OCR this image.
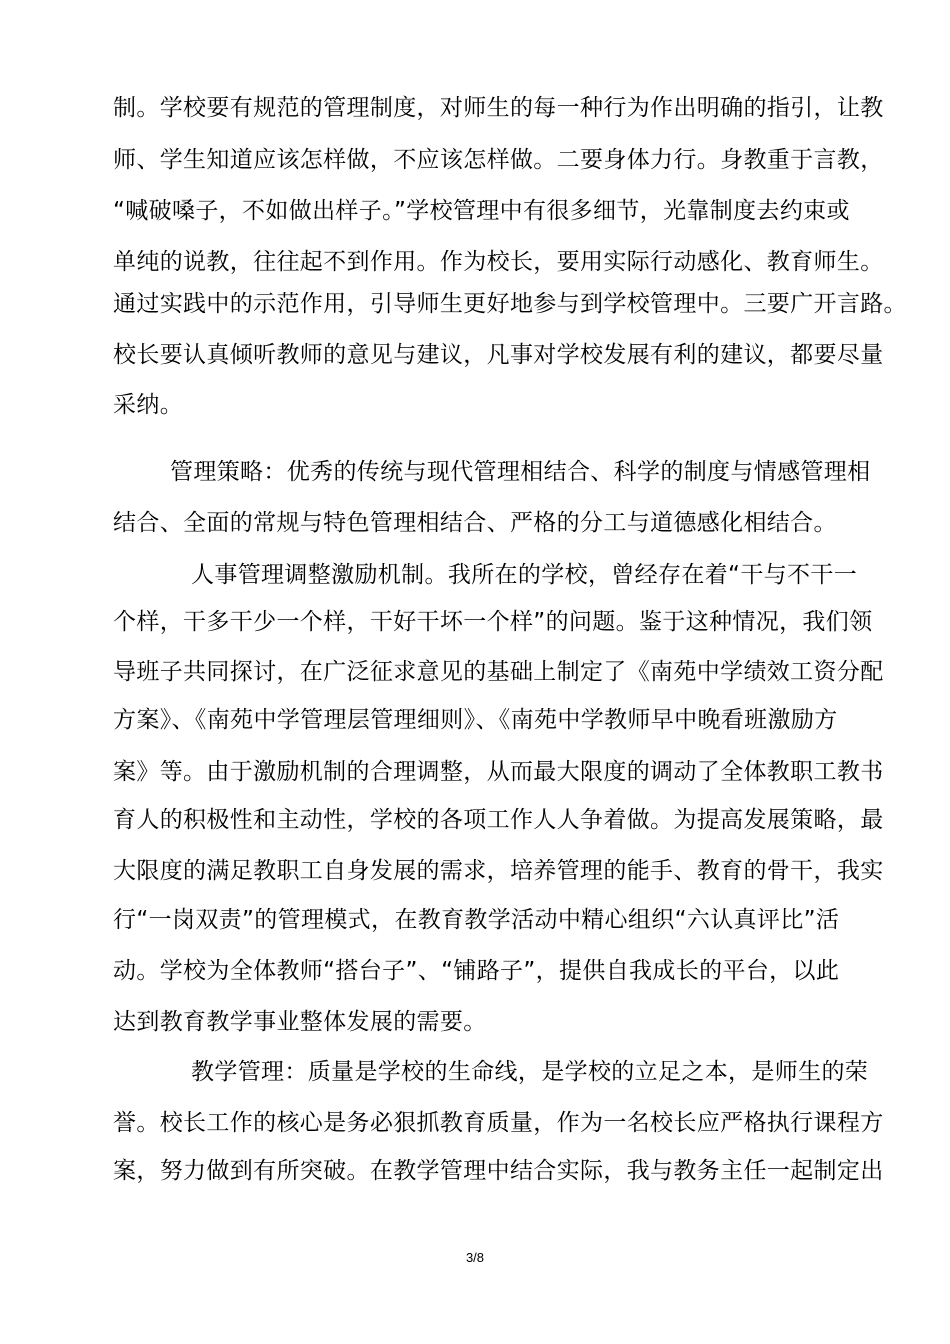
制。学校要有规范的管理制度，对师生的每一种行为作出明确的指引，让教
师、学生知道应该怎样做，不应该怎样做。二要身体力行。身教重于言教，
“喊破嗓子，不如做出样子。”学校管理中有很多细节，光靠制度去约束或
单纯的说教，往往起不到作用。作为校长，要用实际行动感化、教育师生。
通过实践中的示范作用，引导师生更好地参与到学校管理中。三要广开言路。
校长要认真倾听教师的意见与建议，凡事对学校发展有利的建议，都要尽量
采纳。
管理策略：优秀的传统与现代管理相结合、科学的制度与情感管理相
结合、全面的常规与特色管理相结合、严格的分工与道德感化相结合。
人事管理调整激励机制。我所在的学校，曾经存在着“干与不干一
个样，干多干少一个样，干好干坏一个样”的问题。鉴于这种情况，我们领
导班子共同探讨，在广泛征求意见的基础上制定了《南苑中学绩效工资分配
方案》、《南苑中学管理层管理细则》、《南苑中学教师早中晚看班激励方
案》等。由于激励机制的合理调整，从而最大限度的调动了全体教职工教书
育人的积极性和主动性，学校的各项工作人人争着做。为提高发展策略，最
大限度的满足教职工自身发展的需求，培养管理的能手、教育的骨干，我实
行“一岗双责”的管理模式，在教育教学活动中精心组织“六认真评比”活
动。学校为全体教师“搭台子”、“铺路子”，提供自我成长的平台，以此
达到教育教学事业整体发展的需要。
教学管理：质量是学校的生命线，是学校的立足之本，是师生的荣
誉。校长工作的核心是务必狠抓教育质量，作为一名校长应严格执行课程方
案，努力做到有所突破。在教学管理中结合实际，我与教务主任一起制定出
3/8
